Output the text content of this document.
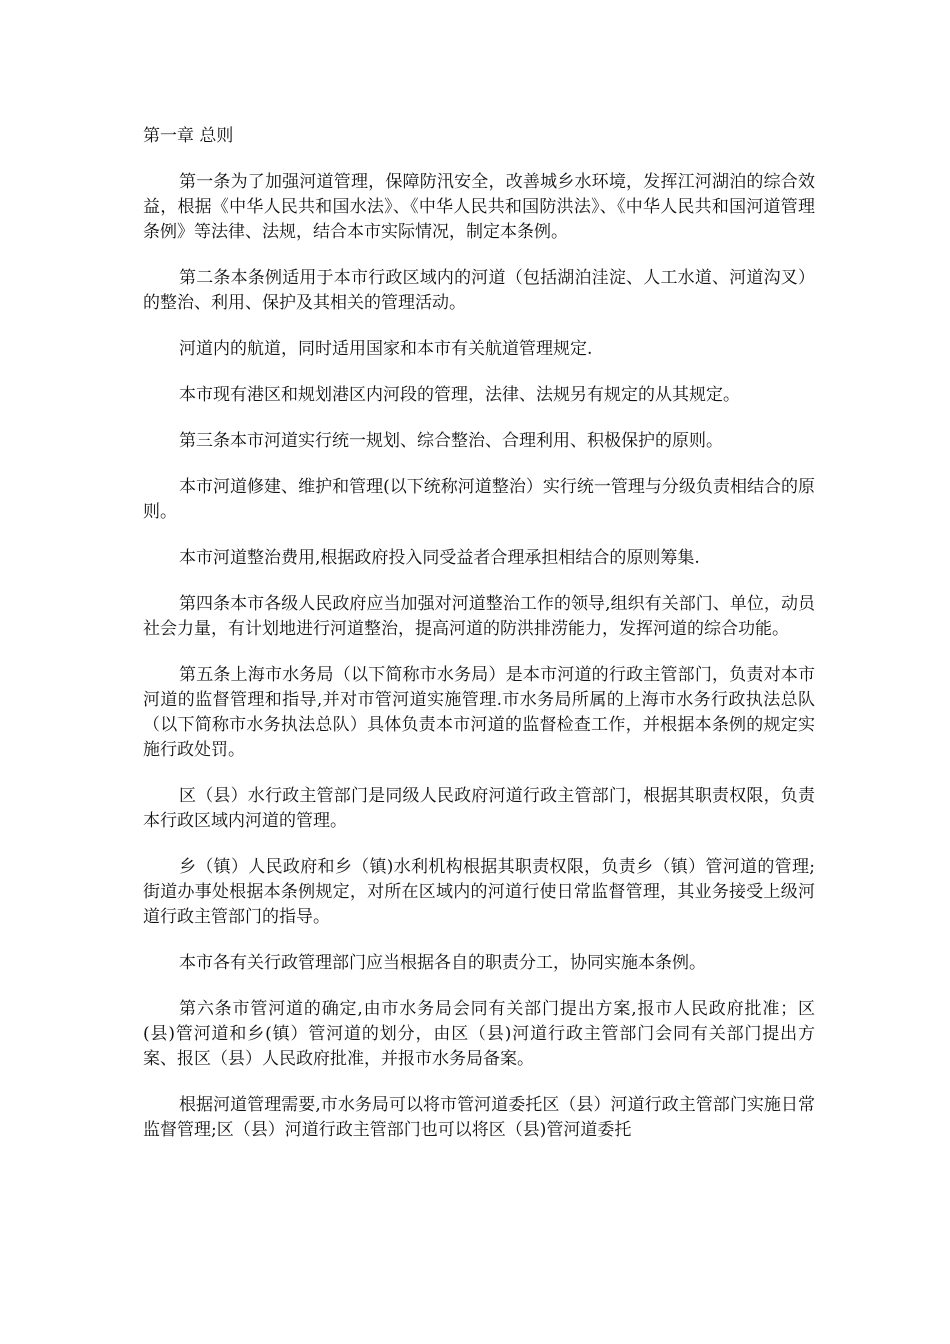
第一章 总则

第一条为了加强河道管理，保障防汛安全，改善城乡水环境，发挥江河湖泊的综合效益，根据《中华人民共和国水法》、《中华人民共和国防洪法》、《中华人民共和国河道管理条例》等法律、法规，结合本市实际情况，制定本条例。

第二条本条例适用于本市行政区域内的河道（包括湖泊洼淀、人工水道、河道沟叉）的整治、利用、保护及其相关的管理活动。

河道内的航道，同时适用国家和本市有关航道管理规定.

本市现有港区和规划港区内河段的管理，法律、法规另有规定的从其规定。

第三条本市河道实行统一规划、综合整治、合理利用、积极保护的原则。

本市河道修建、维护和管理(以下统称河道整治）实行统一管理与分级负责相结合的原则。

本市河道整治费用,根据政府投入同受益者合理承担相结合的原则筹集.

第四条本市各级人民政府应当加强对河道整治工作的领导,组织有关部门、单位，动员社会力量，有计划地进行河道整治，提高河道的防洪排涝能力，发挥河道的综合功能。

第五条上海市水务局（以下简称市水务局）是本市河道的行政主管部门，负责对本市河道的监督管理和指导,并对市管河道实施管理.市水务局所属的上海市水务行政执法总队（以下简称市水务执法总队）具体负责本市河道的监督检查工作，并根据本条例的规定实施行政处罚。

区（县）水行政主管部门是同级人民政府河道行政主管部门，根据其职责权限，负责本行政区域内河道的管理。

乡（镇）人民政府和乡（镇)水利机构根据其职责权限，负责乡（镇）管河道的管理;街道办事处根据本条例规定，对所在区域内的河道行使日常监督管理，其业务接受上级河道行政主管部门的指导。

本市各有关行政管理部门应当根据各自的职责分工，协同实施本条例。

第六条市管河道的确定,由市水务局会同有关部门提出方案,报市人民政府批准；区(县)管河道和乡(镇）管河道的划分，由区（县)河道行政主管部门会同有关部门提出方案、报区（县）人民政府批准，并报市水务局备案。

根据河道管理需要,市水务局可以将市管河道委托区（县）河道行政主管部门实施日常监督管理;区（县）河道行政主管部门也可以将区（县)管河道委托
